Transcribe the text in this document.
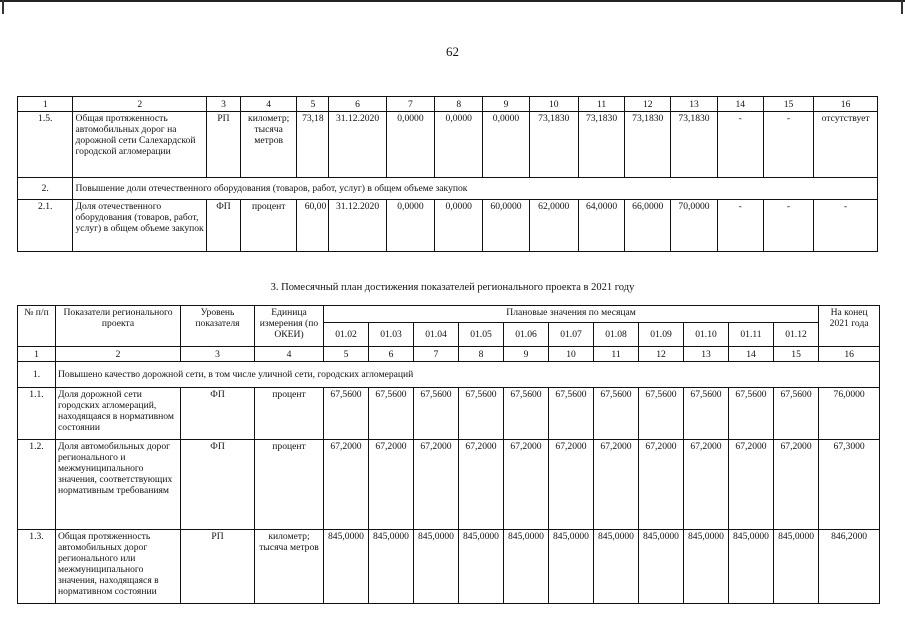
62
1	2	3	4	5	6	7	8	9	10	11	12	13	14	15	16
1.5.	Общая протяженность автомобильных дорог на дорожной сети Салехардской городской агломерации	РП	километр; тысяча метров	73,18	31.12.2020	0,0000	0,0000	0,0000	73,1830	73,1830	73,1830	73,1830	-	-	отсутствует
2.	Повышение доли отечественного оборудования (товаров, работ, услуг) в общем объеме закупок														
2.1.	Доля отечественного оборудования (товаров, работ, услуг) в общем объеме закупок	ФП	процент	60,00	31.12.2020	0,0000	0,0000	60,0000	62,0000	64,0000	66,0000	70,0000	-	-	-
3. Помесячный план достижения показателей регионального проекта в 2021 году
№ п/п	Показатели регионального проекта	Уровень показателя	Единица измерения (по ОКЕИ)	Плановые значения по месяцам											На конец 2021 года
				01.02	01.03	01.04	01.05	01.06	01.07	01.08	01.09	01.10	01.11	01.12	
1	2	3	4	5	6	7	8	9	10	11	12	13	14	15	16
1.	Повышено качество дорожной сети, в том числе уличной сети, городских агломераций														
1.1.	Доля дорожной сети городских агломераций, находящаяся в нормативном состоянии	ФП	процент	67,5600	67,5600	67,5600	67,5600	67,5600	67,5600	67,5600	67,5600	67,5600	67,5600	67,5600	76,0000
1.2.	Доля автомобильных дорог регионального и межмуниципального значения, соответствующих нормативным требованиям	ФП	процент	67,2000	67,2000	67,2000	67,2000	67,2000	67,2000	67,2000	67,2000	67,2000	67,2000	67,2000	67,3000
1.3.	Общая протяженность автомобильных дорог регионального или межмуниципального значения, находящаяся в нормативном состоянии	РП	километр; тысяча метров	845,0000	845,0000	845,0000	845,0000	845,0000	845,0000	845,0000	845,0000	845,0000	845,0000	845,0000	846,2000
